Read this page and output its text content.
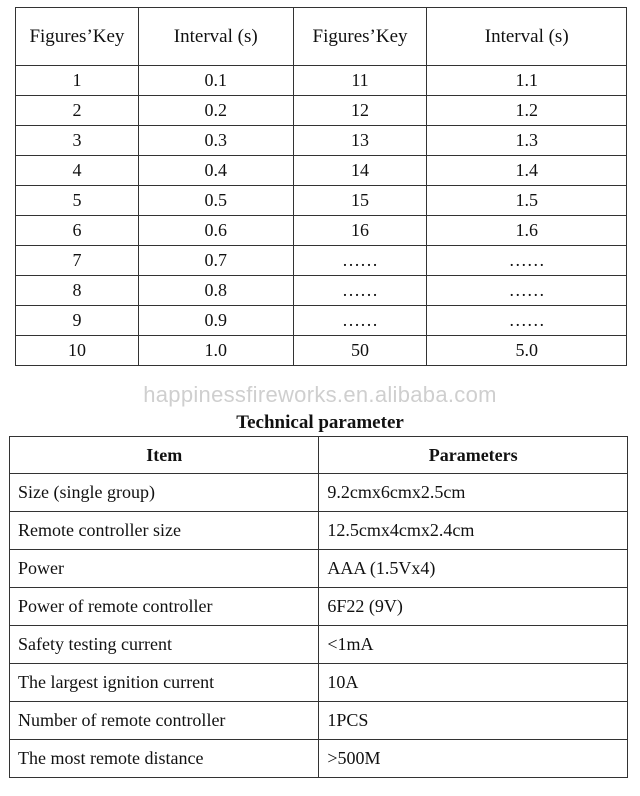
Figures’Key	Interval (s)	Figures’Key	Interval (s)
1	0.1	11	1.1
2	0.2	12	1.2
3	0.3	13	1.3
4	0.4	14	1.4
5	0.5	15	1.5
6	0.6	16	1.6
7	0.7	……	……
8	0.8	……	……
9	0.9	……	……
10	1.0	50	5.0
happinessfireworks.en.alibaba.com
Technical parameter
Item	Parameters
Size (single group)	9.2cmx6cmx2.5cm
Remote controller size	12.5cmx4cmx2.4cm
Power	AAA (1.5Vx4)
Power of remote controller	6F22 (9V)
Safety testing current	<1mA
The largest ignition current	10A
Number of remote controller	1PCS
The most remote distance	>500M
